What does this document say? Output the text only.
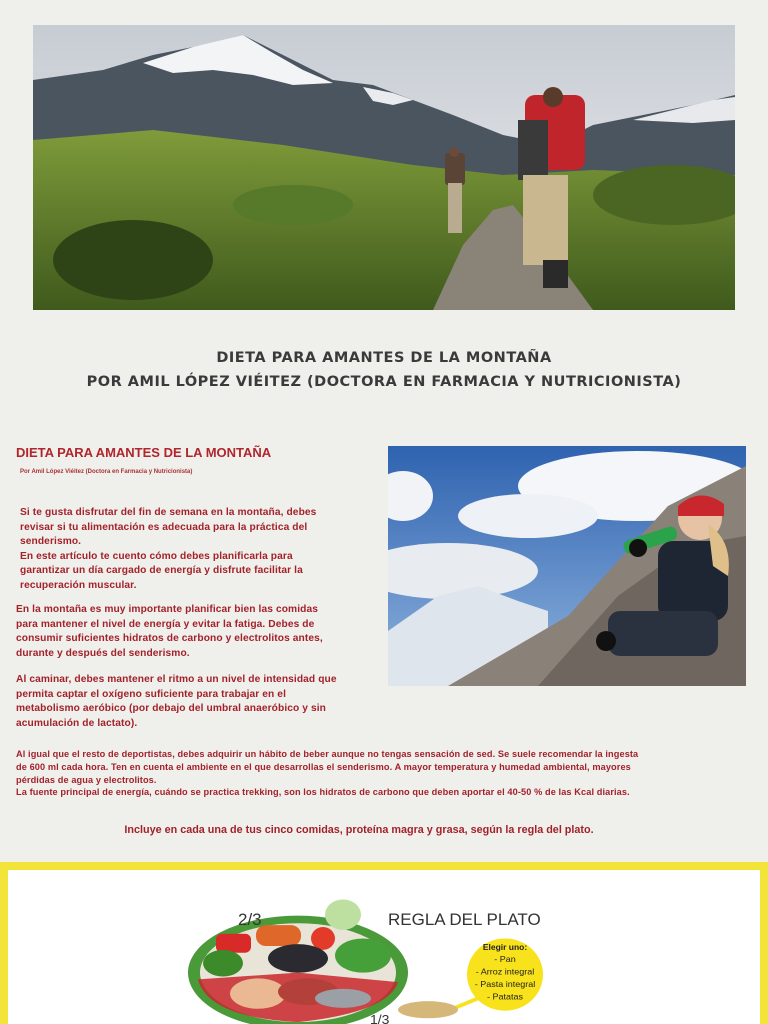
DIETA PARA AMANTES DE LA MONTAÑA
POR AMIL LÓPEZ VIÉITEZ (DOCTORA EN FARMACIA Y NUTRICIONISTA)
DIETA PARA AMANTES DE LA MONTAÑA
Por Amil López Viéitez (Doctora en Farmacia y Nutricionista)
Si te gusta disfrutar del fin de semana en la montaña, debes
revisar si tu alimentación es adecuada para la práctica del
senderismo.
En este artículo te cuento cómo debes planificarla para
garantizar un día cargado de energía y disfrute facilitar la
recuperación muscular.
En la montaña es muy importante planificar bien las comidas
para mantener el nivel de energía y evitar la fatiga. Debes de
consumir suficientes hidratos de carbono y electrolitos antes,
durante y después del senderismo.
Al caminar, debes mantener el ritmo a un nivel de intensidad que
permita captar el oxígeno suficiente para trabajar en el
metabolismo aeróbico (por debajo del umbral anaeróbico y sin
acumulación de lactato).
Al igual que el resto de deportistas, debes adquirir un hábito de beber aunque no tengas sensación de sed. Se suele recomendar la ingesta
de 600 ml cada hora. Ten en cuenta el ambiente en el que desarrollas el senderismo. A mayor temperatura y humedad ambiental, mayores
pérdidas de agua y electrolitos.
La fuente principal de energía, cuándo se practica trekking, son los hidratos de carbono que deben aportar el 40-50 % de las Kcal diarias.
Incluye en cada una de tus cinco comidas, proteína magra y grasa, según la regla del plato.
2/3
1/3
REGLA DEL PLATO
Elegir uno:
- Pan
- Arroz integral
- Pasta integral
- Patatas
